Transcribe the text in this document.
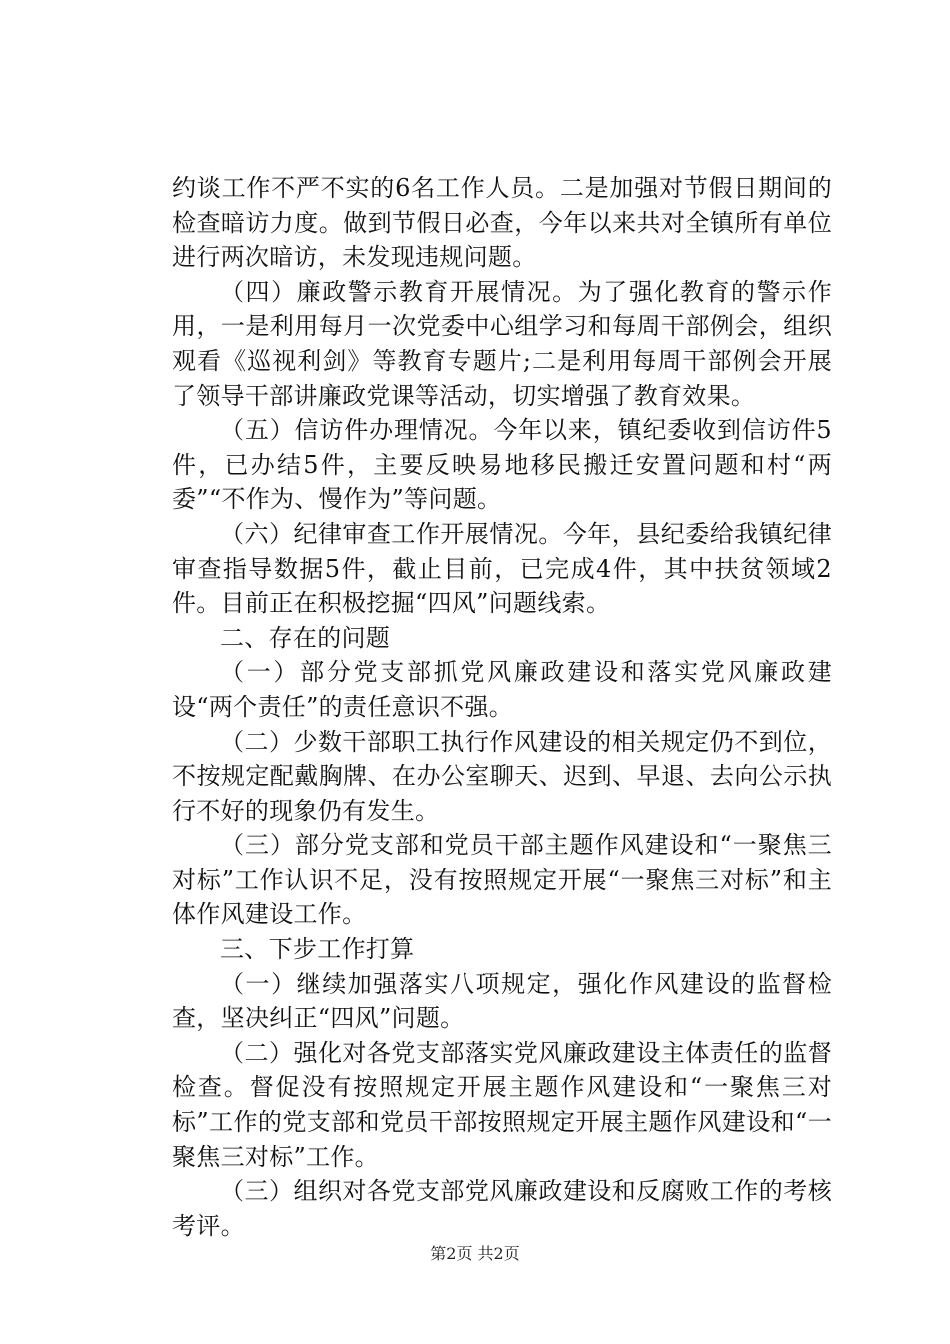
约谈工作不严不实的6名工作人员。二是加强对节假日期间的检查暗访力度。做到节假日必查，今年以来共对全镇所有单位进行两次暗访，未发现违规问题。

（四）廉政警示教育开展情况。为了强化教育的警示作用，一是利用每月一次党委中心组学习和每周干部例会，组织观看《巡视利剑》等教育专题片;二是利用每周干部例会开展了领导干部讲廉政党课等活动，切实增强了教育效果。

（五）信访件办理情况。今年以来，镇纪委收到信访件5件，已办结5件，主要反映易地移民搬迁安置问题和村“两委”“不作为、慢作为”等问题。

（六）纪律审查工作开展情况。今年，县纪委给我镇纪律审查指导数据5件，截止目前，已完成4件，其中扶贫领域2件。目前正在积极挖掘“四风”问题线索。

二、存在的问题

（一）部分党支部抓党风廉政建设和落实党风廉政建设“两个责任”的责任意识不强。

（二）少数干部职工执行作风建设的相关规定仍不到位，不按规定配戴胸牌、在办公室聊天、迟到、早退、去向公示执行不好的现象仍有发生。

（三）部分党支部和党员干部主题作风建设和“一聚焦三对标”工作认识不足，没有按照规定开展“一聚焦三对标”和主体作风建设工作。

三、下步工作打算

（一）继续加强落实八项规定，强化作风建设的监督检查，坚决纠正“四风”问题。

（二）强化对各党支部落实党风廉政建设主体责任的监督检查。督促没有按照规定开展主题作风建设和“一聚焦三对标”工作的党支部和党员干部按照规定开展主题作风建设和“一聚焦三对标”工作。

（三）组织对各党支部党风廉政建设和反腐败工作的考核考评。

第2页 共2页
